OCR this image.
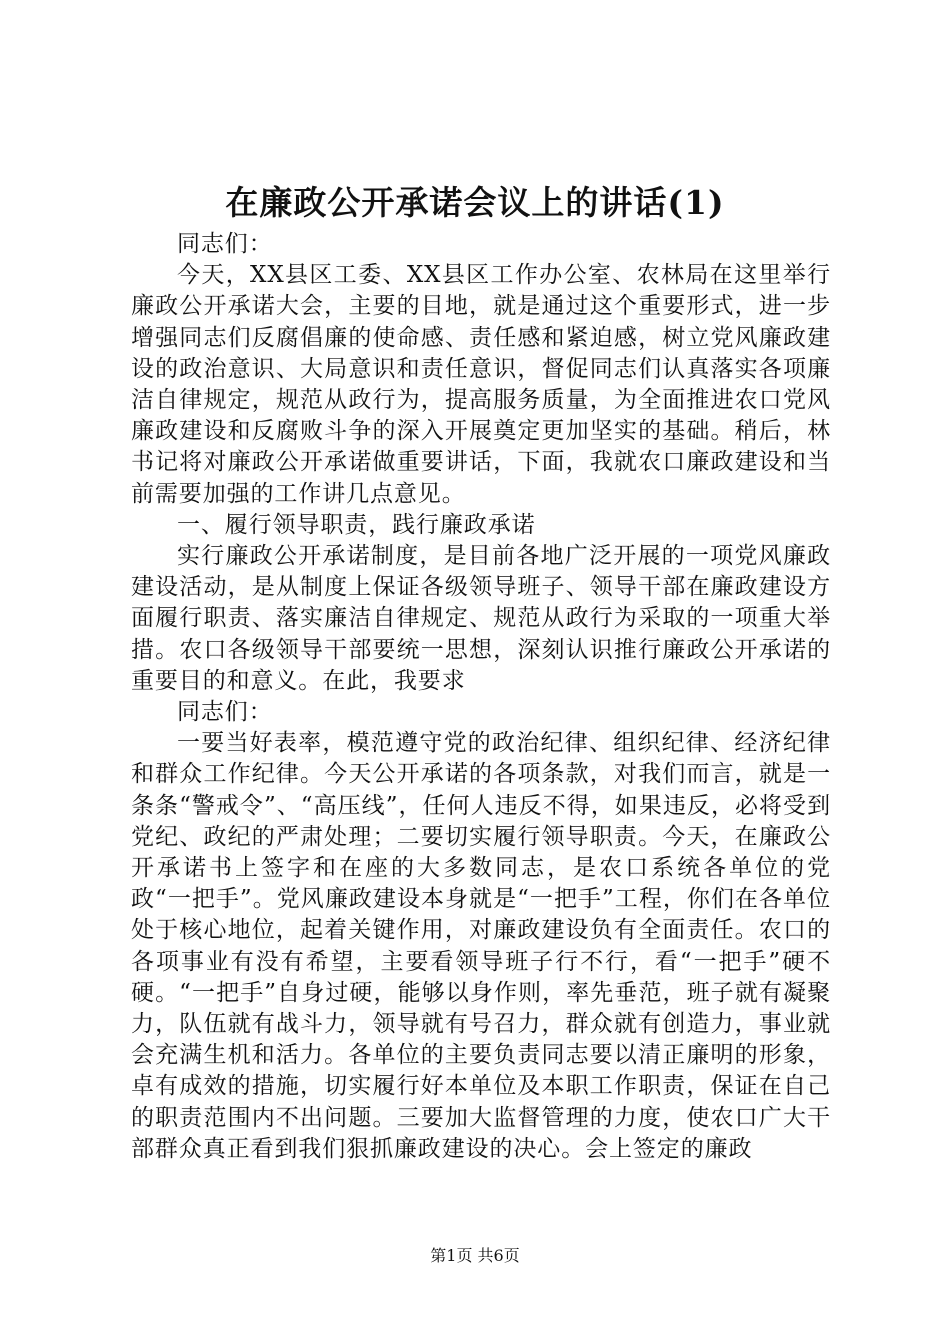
在廉政公开承诺会议上的讲话(1)

同志们：

今天，XX县区工委、XX县区工作办公室、农林局在这里举行廉政公开承诺大会，主要的目地，就是通过这个重要形式，进一步增强同志们反腐倡廉的使命感、责任感和紧迫感，树立党风廉政建设的政治意识、大局意识和责任意识，督促同志们认真落实各项廉洁自律规定，规范从政行为，提高服务质量，为全面推进农口党风廉政建设和反腐败斗争的深入开展奠定更加坚实的基础。稍后，林书记将对廉政公开承诺做重要讲话，下面，我就农口廉政建设和当前需要加强的工作讲几点意见。

一、履行领导职责，践行廉政承诺

实行廉政公开承诺制度，是目前各地广泛开展的一项党风廉政建设活动，是从制度上保证各级领导班子、领导干部在廉政建设方面履行职责、落实廉洁自律规定、规范从政行为采取的一项重大举措。农口各级领导干部要统一思想，深刻认识推行廉政公开承诺的重要目的和意义。在此，我要求

同志们：

一要当好表率，模范遵守党的政治纪律、组织纪律、经济纪律和群众工作纪律。今天公开承诺的各项条款，对我们而言，就是一条条“警戒令”、“高压线”，任何人违反不得，如果违反，必将受到党纪、政纪的严肃处理；二要切实履行领导职责。今天，在廉政公开承诺书上签字和在座的大多数同志，是农口系统各单位的党政“一把手”。党风廉政建设本身就是“一把手”工程，你们在各单位处于核心地位，起着关键作用，对廉政建设负有全面责任。农口的各项事业有没有希望，主要看领导班子行不行，看“一把手”硬不硬。“一把手”自身过硬，能够以身作则，率先垂范，班子就有凝聚力，队伍就有战斗力，领导就有号召力，群众就有创造力，事业就会充满生机和活力。各单位的主要负责同志要以清正廉明的形象，卓有成效的措施，切实履行好本单位及本职工作职责，保证在自己的职责范围内不出问题。三要加大监督管理的力度，使农口广大干部群众真正看到我们狠抓廉政建设的决心。会上签定的廉政

第1页 共6页
